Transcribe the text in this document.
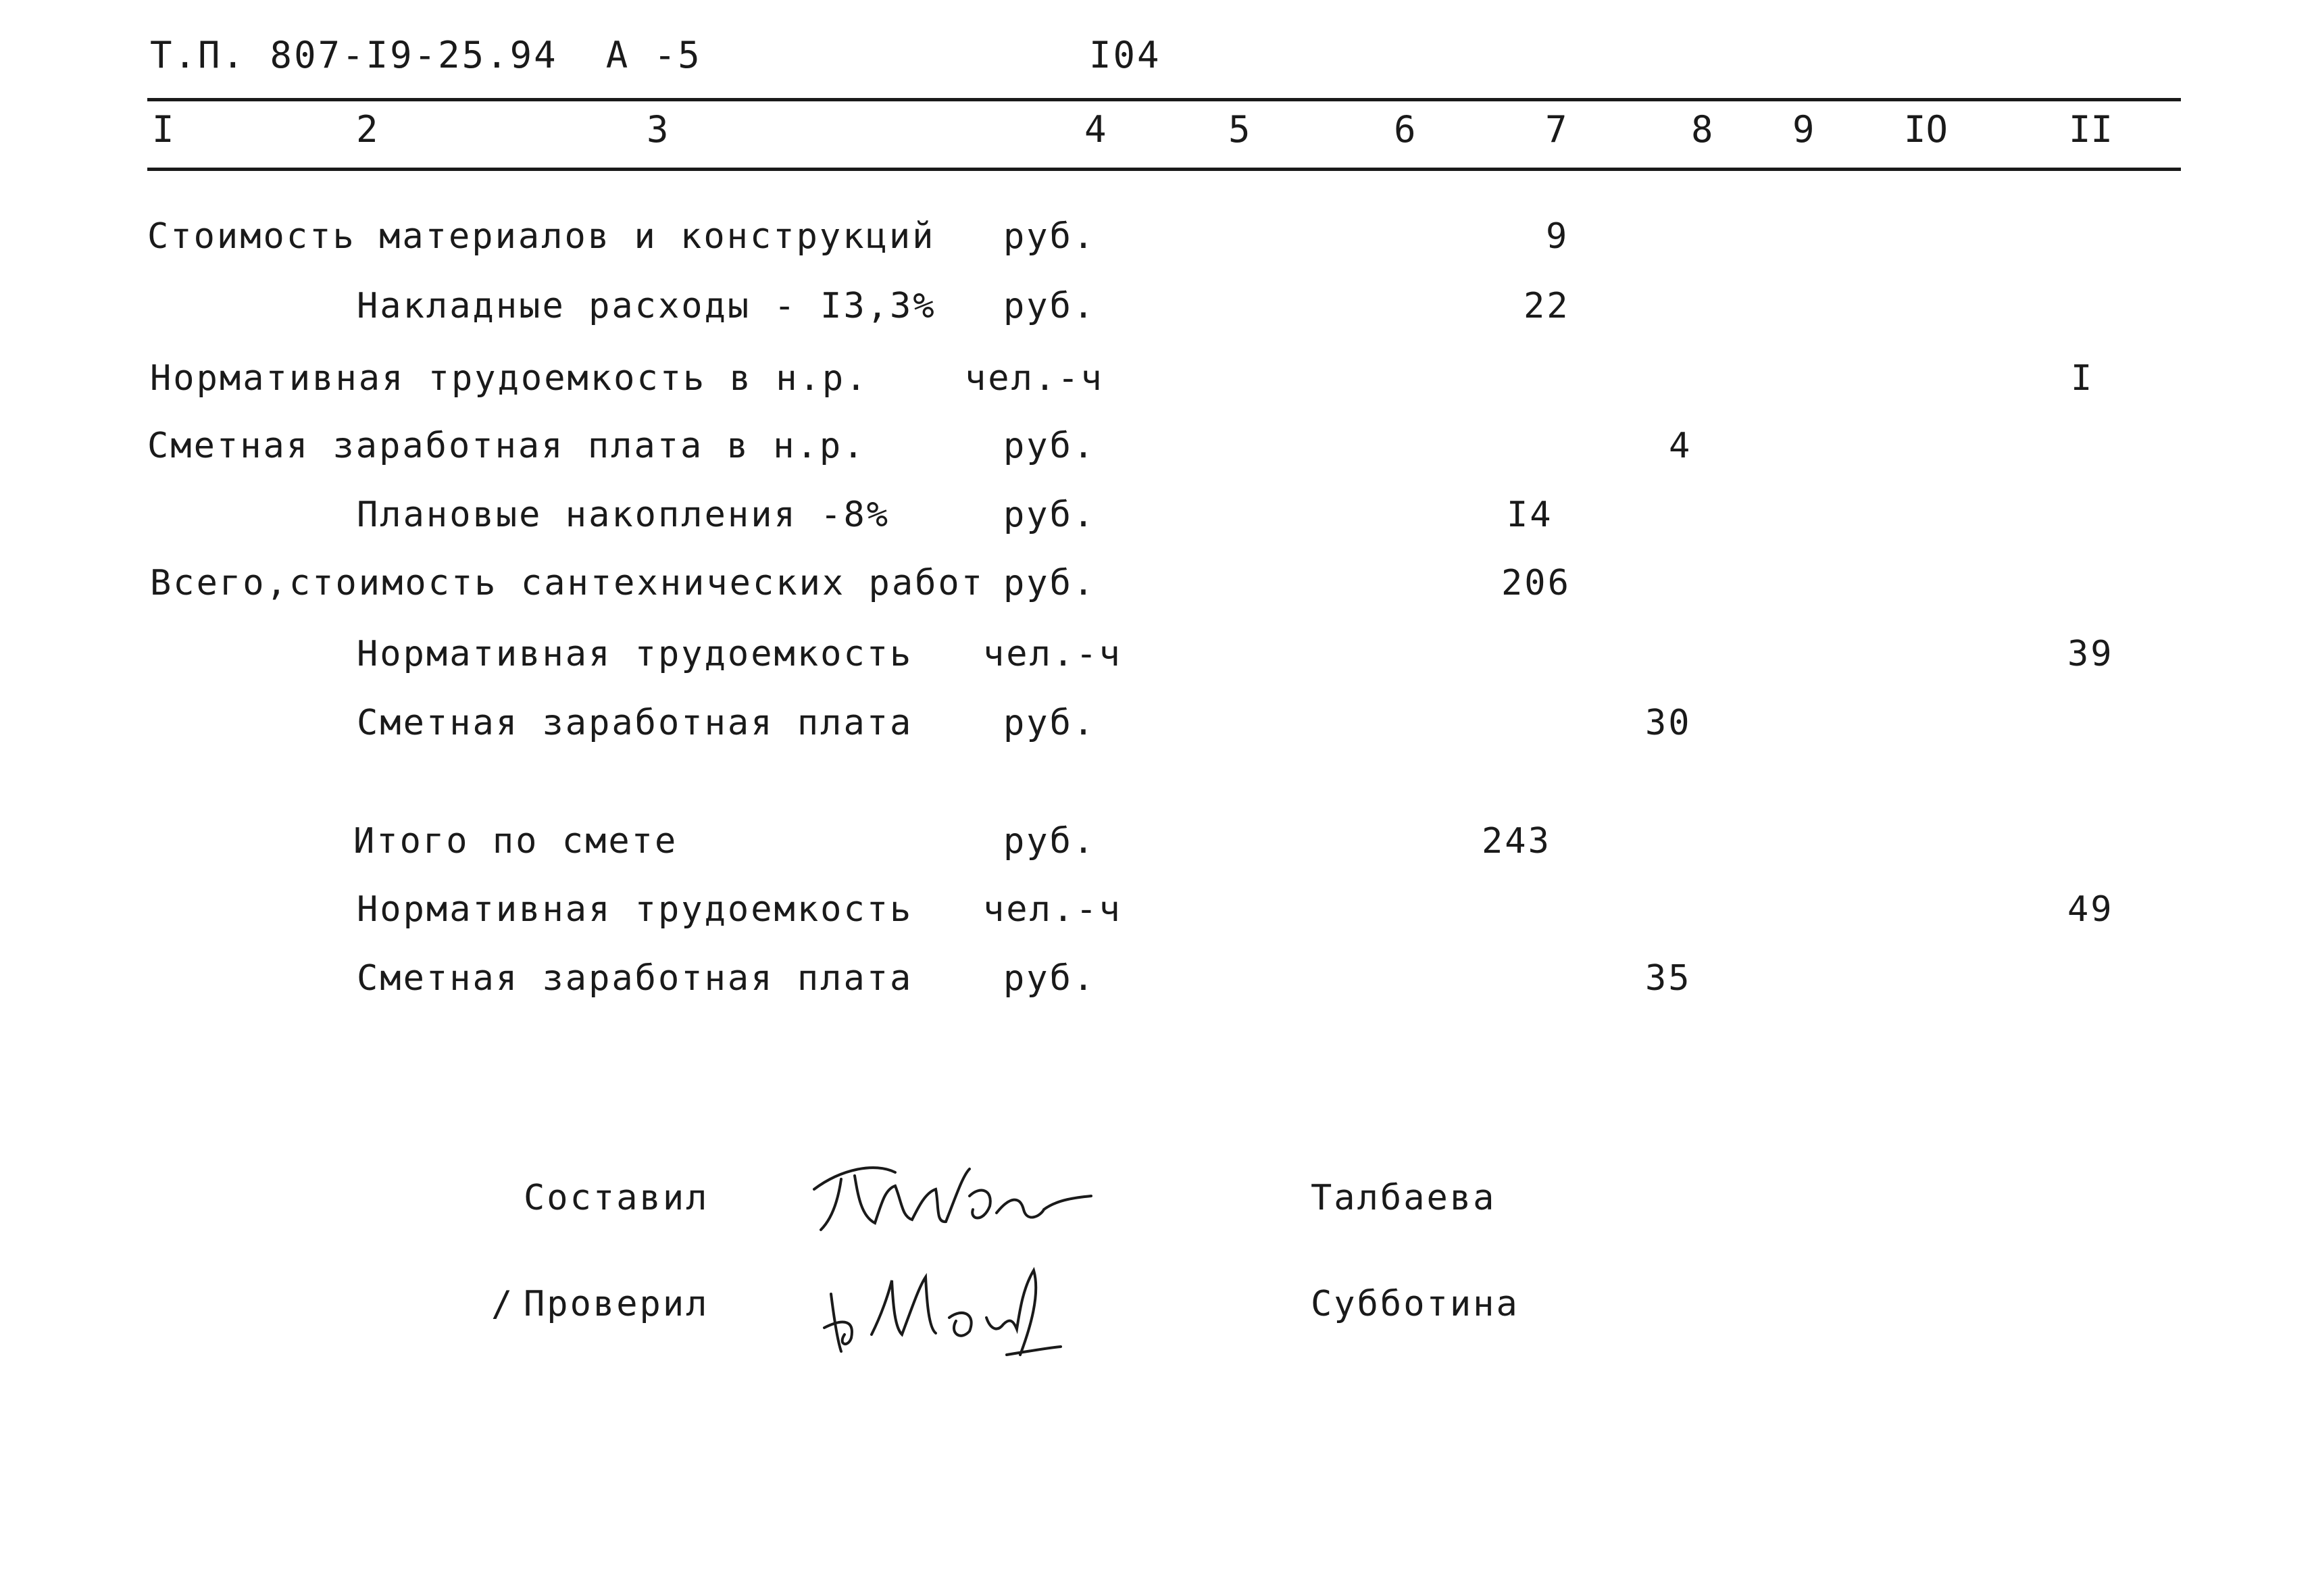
Т.П. 807-I9-25.94  А -5	I04
I	2	3	4	5	6	7	8 9 IO	II
Стоимость материалов и конструкций руб.	9
Накладные расходы - I3,3% руб.	22
Нормативная трудоемкость в н.р.	чел.-ч	I
Сметная заработная плата в н.р.	руб.	4
Плановые накопления -8%	руб.	I4
Всего,стоимость сантехнических работ руб.	206
Нормативная трудоемкость чел.-ч	39
Сметная заработная плата	руб.	30
Итого по смете	руб.	243
Нормативная трудоемкость чел.-ч	49
Сметная заработная плата	руб.	35
Составил	Талбаева
/ Проверил	Субботина
